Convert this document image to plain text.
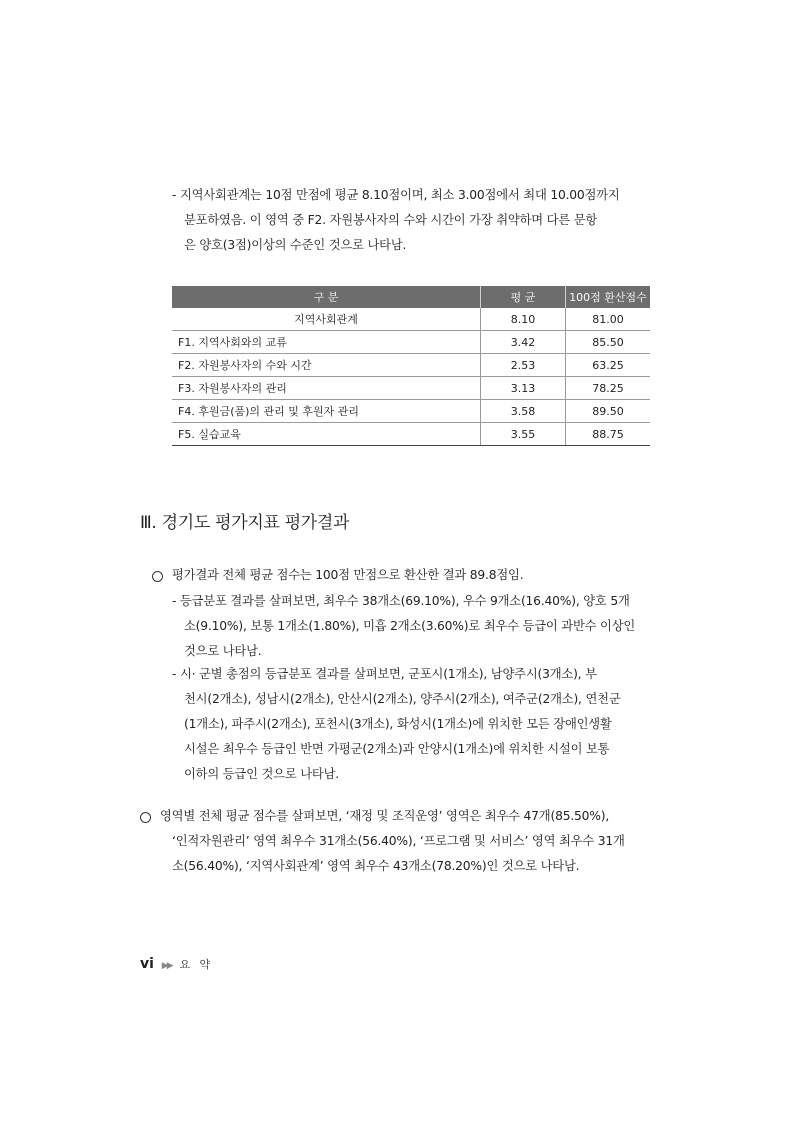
- 지역사회관계는 10점 만점에 평균 8.10점이며, 최소 3.00점에서 최대 10.00점까지
분포하였음. 이 영역 중 F2. 자원봉사자의 수와 시간이 가장 취약하며 다른 문항
은 양호(3점)이상의 수준인 것으로 나타남.
구 분	평 균	100점 환산점수
지역사회관계	8.10	81.00
F1. 지역사회와의 교류	3.42	85.50
F2. 자원봉사자의 수와 시간	2.53	63.25
F3. 자원봉사자의 관리	3.13	78.25
F4. 후원금(품)의 관리 및 후원자 관리	3.58	89.50
F5. 실습교육	3.55	88.75
Ⅲ. 경기도 평가지표 평가결과
평가결과 전체 평균 점수는 100점 만점으로 환산한 결과 89.8점임.
- 등급분포 결과를 살펴보면, 최우수 38개소(69.10%), 우수 9개소(16.40%), 양호 5개
소(9.10%), 보통 1개소(1.80%), 미흡 2개소(3.60%)로 최우수 등급이 과반수 이상인
것으로 나타남.
- 시· 군별 총점의 등급분포 결과를 살펴보면, 군포시(1개소), 남양주시(3개소), 부
천시(2개소), 성남시(2개소), 안산시(2개소), 양주시(2개소), 여주군(2개소), 연천군
(1개소), 파주시(2개소), 포천시(3개소), 화성시(1개소)에 위치한 모든 장애인생활
시설은 최우수 등급인 반면 가평군(2개소)과 안양시(1개소)에 위치한 시설이 보통
이하의 등급인 것으로 나타남.
영역별 전체 평균 점수를 살펴보면, ‘재정 및 조직운영’ 영역은 최우수 47개(85.50%),
‘인적자원관리’ 영역 최우수 31개소(56.40%), ‘프로그램 및 서비스’ 영역 최우수 31개
소(56.40%), ‘지역사회관계’ 영역 최우수 43개소(78.20%)인 것으로 나타남.
vi ▶▶ 요 약
